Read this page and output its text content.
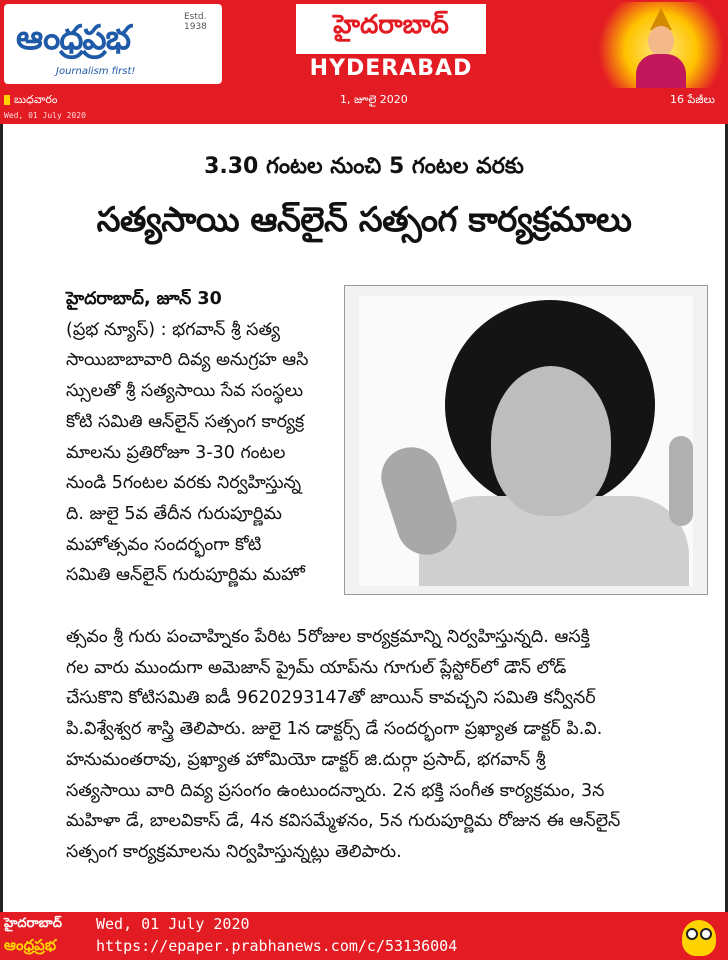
ఆంధ్రప్రభ
Estd. 1938
Journalism first!
హైదరాబాద్
HYDERABAD
బుధవారం	1, జూలై 2020	16 పేజీలు
Wed, 01 July 2020
3.30 గంటల నుంచి 5 గంటల వరకు
సత్యసాయి ఆన్‌లైన్ సత్సంగ కార్యక్రమాలు

హైదరాబాద్, జూన్ 30

(ప్రభ న్యూస్) : భగవాన్ శ్రీ సత్య

సాయిబాబావారి దివ్య అనుగ్రహ ఆసి

స్సులతో శ్రీ సత్యసాయి సేవ సంస్థలు

కోటి సమితి ఆన్‌లైన్ సత్సంగ కార్యక్ర

మాలను ప్రతిరోజూ 3-30 గంటల

నుండి 5గంటల వరకు నిర్వహిస్తున్న

ది. జులై 5వ తేదీన గురుపూర్ణిమ

మహోత్సవం సందర్భంగా కోటి

సమితి ఆన్‌లైన్ గురుపూర్ణిమ మహో

త్సవం శ్రీ గురు పంచాహ్నికం పేరిట 5రోజుల కార్యక్రమాన్ని నిర్వహిస్తున్నది. ఆసక్తి

గల వారు ముందుగా అమెజాన్ ప్రైమ్ యాప్‌ను గూగుల్ ప్లేస్టోర్‌లో డౌన్ లోడ్

చేసుకొని కోటిసమితి ఐడీ 9620293147తో జాయిన్ కావచ్చని సమితి కన్వీనర్

పి.విశ్వేశ్వర శాస్త్రి తెలిపారు. జులై 1న డాక్టర్స్ డే సందర్భంగా ప్రఖ్యాత డాక్టర్ పి.వి.

హనుమంతరావు, ప్రఖ్యాత హోమియో డాక్టర్ జి.దుర్గా ప్రసాద్, భగవాన్ శ్రీ

సత్యసాయి వారి దివ్య ప్రసంగం ఉంటుందన్నారు. 2న భక్తి సంగీత కార్యక్రమం, 3న

మహిళా డే, బాలవికాస్ డే, 4న కవిసమ్మేళనం, 5న గురుపూర్ణిమ రోజున ఈ ఆన్‌లైన్

సత్సంగ కార్యక్రమాలను నిర్వహిస్తున్నట్లు తెలిపారు.

హైదరాబాద్
ఆంధ్రప్రభ
Wed, 01 July 2020
https://epaper.prabhanews.com/c/53136004
